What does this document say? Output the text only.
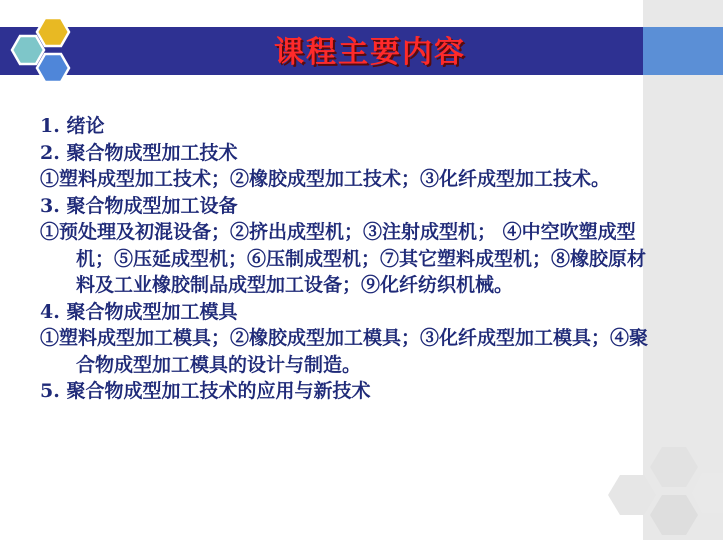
课程主要内容

1. 绪论

2. 聚合物成型加工技术

①塑料成型加工技术；②橡胶成型加工技术；③化纤成型加工技术。

3. 聚合物成型加工设备

①预处理及初混设备；②挤出成型机；③注射成型机； ④中空吹塑成型机；⑤压延成型机；⑥压制成型机；⑦其它塑料成型机；⑧橡胶原材料及工业橡胶制品成型加工设备；⑨化纤纺织机械。

4. 聚合物成型加工模具

①塑料成型加工模具；②橡胶成型加工模具；③化纤成型加工模具；④聚合物成型加工模具的设计与制造。

5. 聚合物成型加工技术的应用与新技术
